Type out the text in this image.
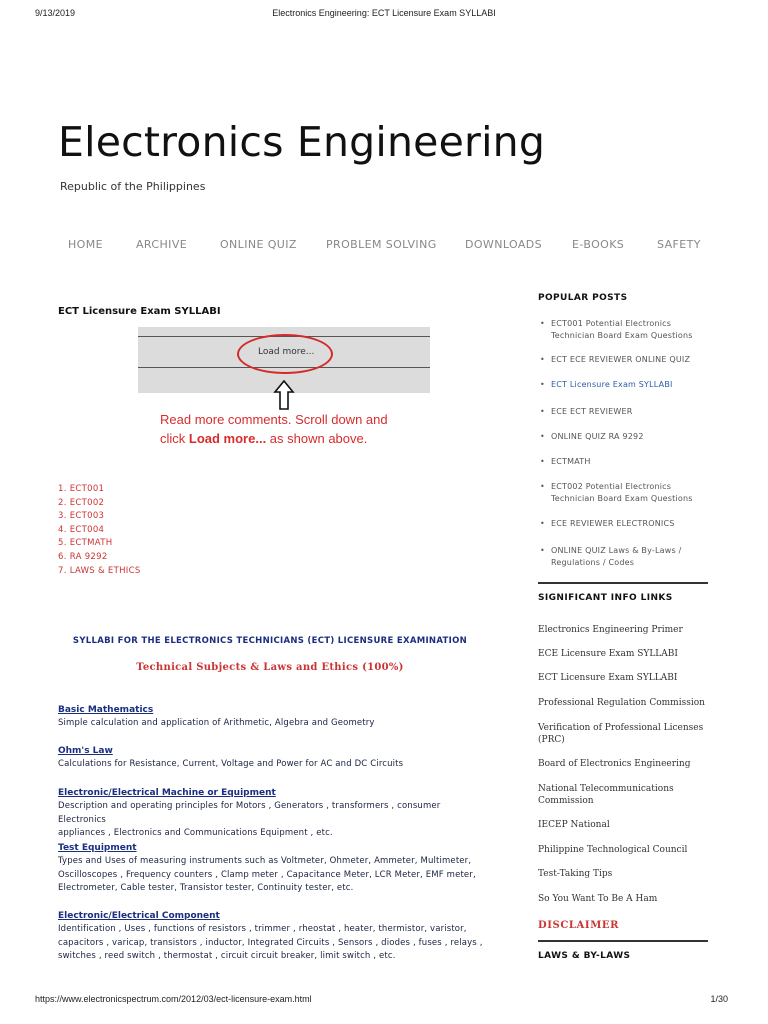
9/13/2019	Electronics Engineering: ECT Licensure Exam SYLLABI
Electronics Engineering
Republic of the Philippines
HOME	ARCHIVE	ONLINE QUIZ	PROBLEM SOLVING	DOWNLOADS	E-BOOKS	SAFETY
ECT Licensure Exam SYLLABI
Load more...
Read more comments. Scroll down and
click Load more... as shown above.
1. ECT001
2. ECT002
3. ECT003
4. ECT004
5. ECTMATH
6. RA 9292
7. LAWS & ETHICS
SYLLABI FOR THE ELECTRONICS TECHNICIANS (ECT) LICENSURE EXAMINATION
Technical Subjects & Laws and Ethics (100%)
Basic Mathematics
Simple calculation and application of Arithmetic, Algebra and Geometry
Ohm's Law
Calculations for Resistance, Current, Voltage and Power for AC and DC Circuits
Electronic/Electrical Machine or Equipment
Description and operating principles for Motors , Generators , transformers , consumer Electronics
appliances , Electronics and Communications Equipment , etc.
Test Equipment
Types and Uses of measuring instruments such as Voltmeter, Ohmeter, Ammeter, Multimeter,
Oscilloscopes , Frequency counters , Clamp meter , Capacitance Meter, LCR Meter, EMF meter,
Electrometer, Cable tester, Transistor tester, Continuity tester, etc.
Electronic/Electrical Component
Identification , Uses , functions of resistors , trimmer , rheostat , heater, thermistor, varistor,
capacitors , varicap, transistors , inductor, Integrated Circuits , Sensors , diodes , fuses , relays ,
switches , reed switch , thermostat , circuit circuit breaker, limit switch , etc.
POPULAR POSTS
• ECT001 Potential Electronics Technician Board Exam Questions
• ECT ECE REVIEWER ONLINE QUIZ
• ECT Licensure Exam SYLLABI
• ECE ECT REVIEWER
• ONLINE QUIZ RA 9292
• ECTMATH
• ECT002 Potential Electronics Technician Board Exam Questions
• ECE REVIEWER ELECTRONICS
• ONLINE QUIZ Laws & By-Laws / Regulations / Codes
SIGNIFICANT INFO LINKS
Electronics Engineering Primer
ECE Licensure Exam SYLLABI
ECT Licensure Exam SYLLABI
Professional Regulation Commission
Verification of Professional Licenses (PRC)
Board of Electronics Engineering
National Telecommunications Commission
IECEP National
Philippine Technological Council
Test-Taking Tips
So You Want To Be A Ham
DISCLAIMER
LAWS & BY-LAWS
https://www.electronicspectrum.com/2012/03/ect-licensure-exam.html	1/30
